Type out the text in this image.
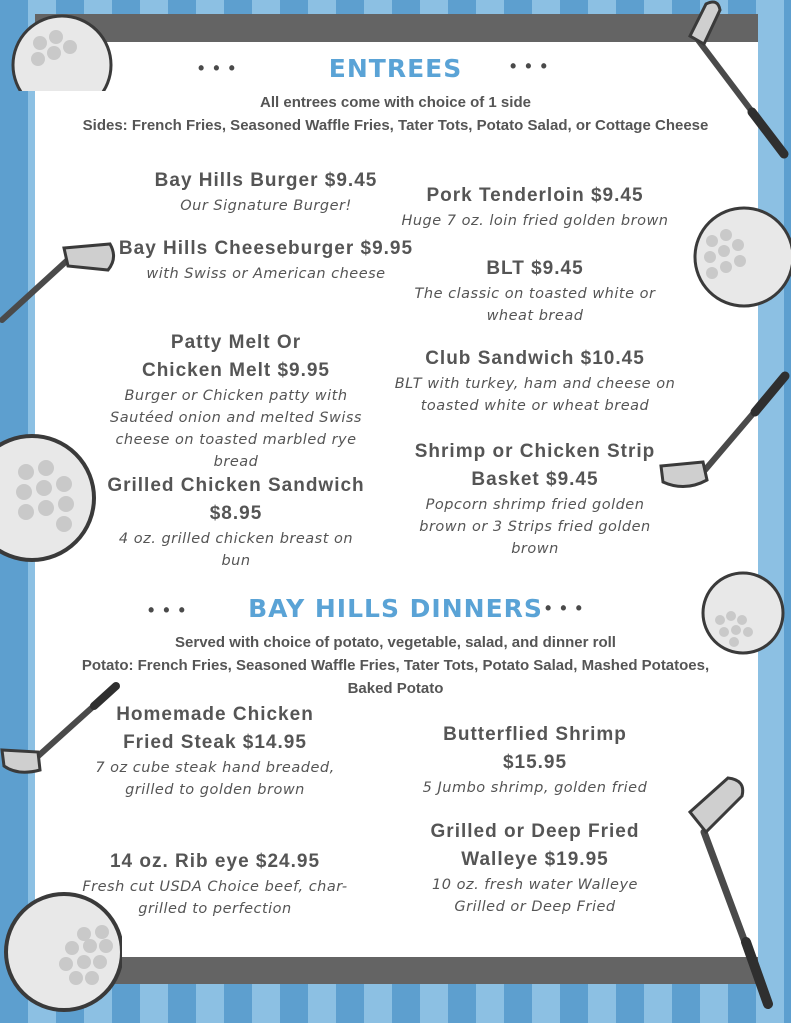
• • •	• • •
ENTREES
All entrees come with choice of 1 side
Sides: French Fries, Seasoned Waffle Fries, Tater Tots, Potato Salad, or Cottage Cheese
Bay Hills Burger $9.45
Our Signature Burger!
Bay Hills Cheeseburger $9.95
with Swiss or American cheese
Patty Melt Or Chicken Melt $9.95
Burger or Chicken patty with Sautéed onion and melted Swiss cheese on toasted marbled rye bread
Grilled Chicken Sandwich $8.95
4 oz. grilled chicken breast on bun
Pork Tenderloin $9.45
Huge 7 oz. loin fried golden brown
BLT $9.45
The classic on toasted white or wheat bread
Club Sandwich $10.45
BLT with turkey, ham and cheese on toasted white or wheat bread
Shrimp or Chicken Strip Basket $9.45
Popcorn shrimp fried golden brown or 3 Strips fried golden brown
• • •	• • •
BAY HILLS DINNERS
Served with choice of potato, vegetable, salad, and dinner roll
Potato: French Fries, Seasoned Waffle Fries, Tater Tots, Potato Salad, Mashed Potatoes, Baked Potato
Homemade Chicken Fried Steak $14.95
7 oz cube steak hand breaded, grilled to golden brown
14 oz. Rib eye $24.95
Fresh cut USDA Choice beef, char-grilled to perfection
Butterflied Shrimp $15.95
5 Jumbo shrimp, golden fried
Grilled or Deep Fried Walleye $19.95
10 oz. fresh water Walleye Grilled or Deep Fried
